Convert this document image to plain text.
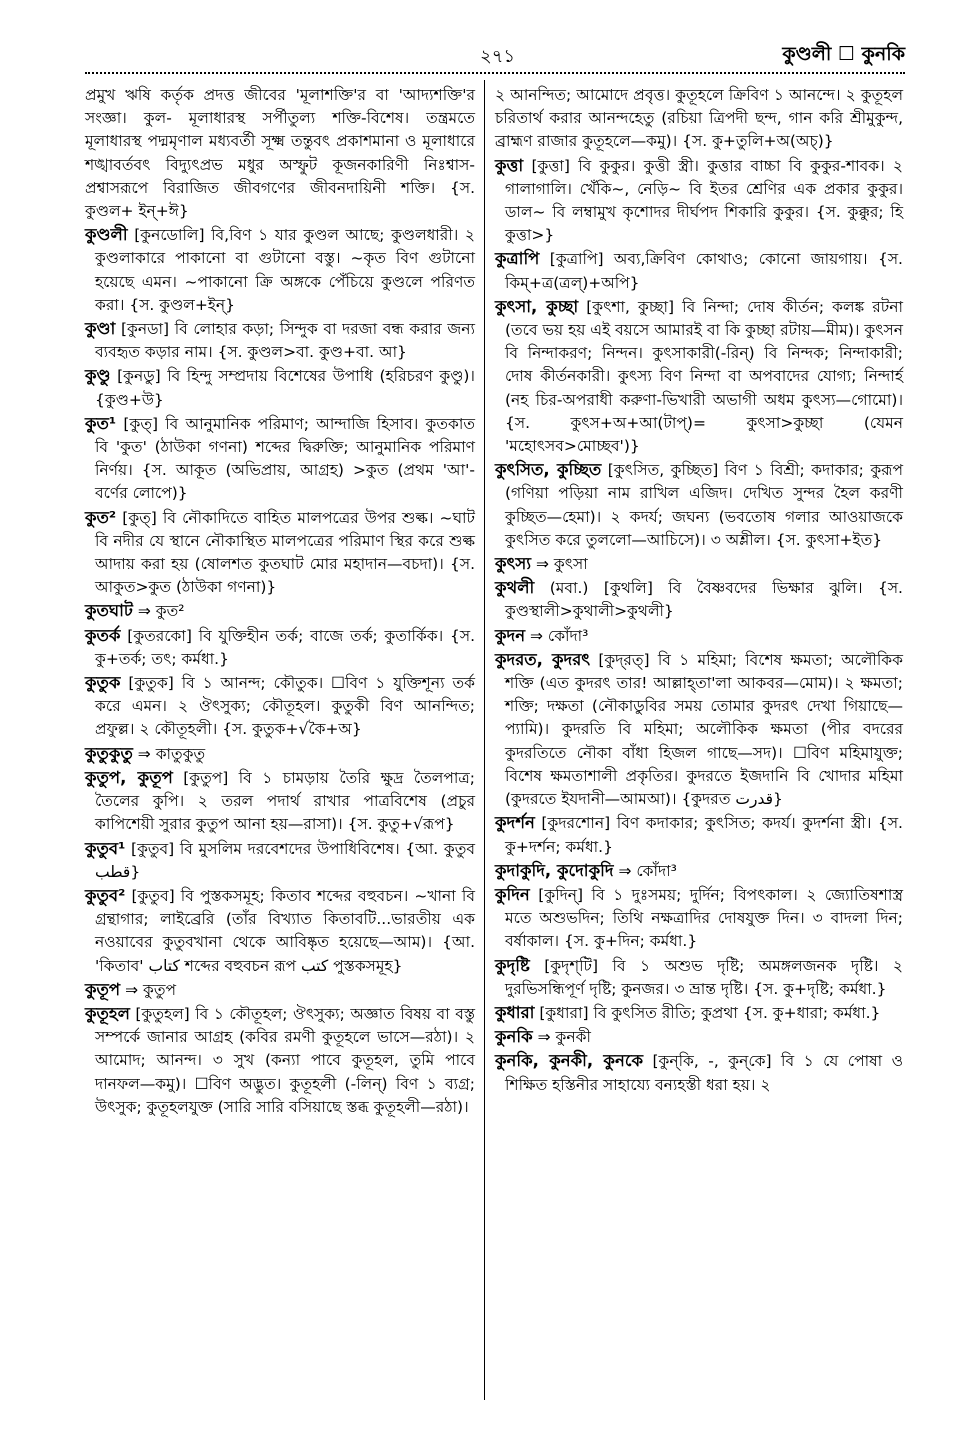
২৭১	কুণ্ডলী ☐ কুনকি

প্রমুখ ঋষি কর্তৃক প্রদত্ত জীবের 'মূলাশক্তি'র বা 'আদ্যশক্তি'র সংজ্ঞা। কুল- মূলাধারস্থ সর্পীতুল্য শক্তি-বিশেষ। তন্ত্রমতে মূলাধারস্থ পদ্মমৃণাল মধ্যবর্তী সূক্ষ্ম তন্তুবৎ প্রকাশমানা ও মূলাধারে শঙ্খাবর্তবৎ বিদ্যুৎপ্রভ মধুর অস্ফুট কূজনকারিণী নিঃশ্বাস-প্রশ্বাসরূপে বিরাজিত জীবগণের জীবনদায়িনী শক্তি। {স. কুণ্ডল+ ইন্+ঈ}

কুণ্ডলী [কুনডোলি] বি,বিণ ১ যার কুণ্ডল আছে; কুণ্ডলধারী। ২ কুণ্ডলাকারে পাকানো বা গুটানো বস্তু। ~কৃত বিণ গুটানো হয়েছে এমন। ~পাকানো ক্রি অঙ্গকে পেঁচিয়ে কুণ্ডলে পরিণত করা। {স. কুণ্ডল+ইন্}

কুণ্ডা [কুনডা] বি লোহার কড়া; সিন্দুক বা দরজা বন্ধ করার জন্য ব্যবহৃত কড়ার নাম। {স. কুণ্ডল>বা. কুণ্ড+বা. আ}

কুণ্ডু [কুনডু] বি হিন্দু সম্প্রদায় বিশেষের উপাধি (হরিচরণ কুণ্ডু)। {কুণ্ড+উ}

কুত¹ [কুত্] বি আনুমানিক পরিমাণ; আন্দাজি হিসাব। কুতকাত বি 'কুত' (ঠাউকা গণনা) শব্দের দ্বিরুক্তি; আনুমানিক পরিমাণ নির্ণয়। {স. আকূত (অভিপ্রায়, আগ্রহ) >কুত (প্রথম 'আ'-বর্ণের লোপে)}

কুত² [কুত্] বি নৌকাদিতে বাহিত মালপত্রের উপর শুল্ক। ~ঘাট বি নদীর যে স্থানে নৌকাস্থিত মালপত্রের পরিমাণ স্থির করে শুল্ক আদায় করা হয় (ষোলশত কুতঘাট মোর মহাদান—বচদা)। {স. আকুত>কুত (ঠাউকা গণনা)}

কুতঘাট ⇒ কুত²

কুতর্ক [কুতরকো] বি যুক্তিহীন তর্ক; বাজে তর্ক; কুতার্কিক। {স. কু+তর্ক; তৎ; কর্মধা.}

কুতুক [কুতুক] বি ১ আনন্দ; কৌতুক। ☐বিণ ১ যুক্তিশূন্য তর্ক করে এমন। ২ ঔৎসুক্য; কৌতূহল। কুতুকী বিণ আনন্দিত; প্রফুল্ল। ২ কৌতূহলী। {স. কুতুক+√কৈ+অ}

কুতুকুতু ⇒ কাতুকুতু

কুতুপ, কুতূপ [কুতুপ] বি ১ চামড়ায় তৈরি ক্ষুদ্র তৈলপাত্র; তৈলের কুপি। ২ তরল পদার্থ রাখার পাত্রবিশেষ (প্রচুর কাপিশেয়ী সুরার কুতুপ আনা হয়—রাসা)। {স. কুতু+√রূপ}

কুতুব¹ [কুতুব] বি মুসলিম দরবেশদের উপাধিবিশেষ। {আ. কুতুব قطب}

কুতুব² [কুতুব] বি পুস্তকসমূহ; কিতাব শব্দের বহুবচন। ~খানা বি গ্রন্থাগার; লাইব্রেরি (তাঁর বিখ্যাত কিতাবটি...ভারতীয় এক নওয়াবের কুতুবখানা থেকে আবিষ্কৃত হয়েছে—আম)। {আ. 'কিতাব' كتاب শব্দের বহুবচন রূপ كتب পুস্তকসমূহ}

কুতূপ ⇒ কুতুপ

কুতূহল [কুতুহল] বি ১ কৌতূহল; ঔৎসুক্য; অজ্ঞাত বিষয় বা বস্তু সম্পর্কে জানার আগ্রহ (কবির রমণী কুতূহলে ভাসে—রঠা)। ২ আমোদ; আনন্দ। ৩ সুখ (কন্যা পাবে কুতূহল, তুমি পাবে দানফল—কমু)। ☐বিণ অদ্ভুত। কুতূহলী (-লিন্) বিণ ১ ব্যগ্র; উৎসুক; কুতূহলযুক্ত (সারি সারি বসিয়াছে স্তব্ধ কুতূহলী—রঠা)।

২ আনন্দিত; আমোদে প্রবৃত্ত। কুতূহলে ক্রিবিণ ১ আনন্দে। ২ কুতূহল চরিতার্থ করার আনন্দহেতু (রচিয়া ত্রিপদী ছন্দ, গান করি শ্রীমুকুন্দ, ব্রাহ্মণ রাজার কুতূহলে—কমু)। {স. কু+তুলি+অ(অচ্)}

কুত্তা [কুত্তা] বি কুকুর। কুত্তী স্ত্রী। কুত্তার বাচ্চা বি কুকুর-শাবক। ২ গালাগালি। খেঁকি~, নেড়ি~ বি ইতর শ্রেণির এক প্রকার কুকুর। ডাল~ বি লম্বামুখ কৃশোদর দীর্ঘপদ শিকারি কুকুর। {স. কুক্কুর; হি কুত্তা>}

কুত্রাপি [কুত্রাপি] অব্য,ক্রিবিণ কোথাও; কোনো জায়গায়। {স. কিম্+ত্র(ত্রল্)+অপি}

কুৎসা, কুচ্ছা [কুৎশা, কুচ্ছা] বি নিন্দা; দোষ কীর্তন; কলঙ্ক রটনা (তবে ভয় হয় এই বয়সে আমারই বা কি কুচ্ছা রটায়—মীম)। কুৎসন বি নিন্দাকরণ; নিন্দন। কুৎসাকারী(-রিন্) বি নিন্দক; নিন্দাকারী; দোষ কীর্তনকারী। কুৎস্য বিণ নিন্দা বা অপবাদের যোগ্য; নিন্দার্হ (নহ চির-অপরাধী করুণা-ভিখারী অভাগী অধম কুৎস্য—গোমো)। {স. কুৎস+অ+আ(টাপ্)= কুৎসা>কুচ্ছা (যেমন 'মহোৎসব>মোচ্ছব')}

কুৎসিত, কুচ্ছিত [কুৎসিত, কুচ্ছিত] বিণ ১ বিশ্রী; কদাকার; কুরূপ (গণিয়া পড়িয়া নাম রাখিল এজিদ। দেখিত সুন্দর হৈল করণী কুচ্ছিত—হেমা)। ২ কদর্য; জঘন্য (ভবতোষ গলার আওয়াজকে কুৎসিত করে তুললো—আচিসে)। ৩ অশ্লীল। {স. কুৎসা+ইত}

কুৎস্য ⇒ কুৎসা

কুথলী (মবা.) [কুথলি] বি বৈষ্ণবদের ভিক্ষার ঝুলি। {স. কুণ্ডস্থালী>কুথালী>কুথলী}

কুদন ⇒ কোঁদা³

কুদরত, কুদরৎ [কুদ্‌রত্] বি ১ মহিমা; বিশেষ ক্ষমতা; অলৌকিক শক্তি (এত কুদরৎ তার! আল্লাহ্‌তা'লা আকবর—মোম)। ২ ক্ষমতা; শক্তি; দক্ষতা (নৌকাডুবির সময় তোমার কুদরৎ দেখা গিয়াছে—প্যামি)। কুদরতি বি মহিমা; অলৌকিক ক্ষমতা (পীর বদরের কুদরতিতে নৌকা বাঁধা হিজল গাছে—সদ)। ☐বিণ মহিমাযুক্ত; বিশেষ ক্ষমতাশালী প্রকৃতির। কুদরতে ইজদানি বি খোদার মহিমা (কুদরতে ইযদানী—আমআ)। {কুদরত قدرت}

কুদর্শন [কুদরশোন] বিণ কদাকার; কুৎসিত; কদর্য। কুদর্শনা স্ত্রী। {স. কু+দর্শন; কর্মধা.}

কুদাকুদি, কুদোকুদি ⇒ কোঁদা³

কুদিন [কুদিন্] বি ১ দুঃসময়; দুর্দিন; বিপৎকাল। ২ জ্যোতিষশাস্ত্র মতে অশুভদিন; তিথি নক্ষত্রাদির দোষযুক্ত দিন। ৩ বাদলা দিন; বর্ষাকাল। {স. কু+দিন; কর্মধা.}

কুদৃষ্টি [কুদৃশ্‌টি] বি ১ অশুভ দৃষ্টি; অমঙ্গলজনক দৃষ্টি। ২ দুরভিসন্ধিপূর্ণ দৃষ্টি; কুনজর। ৩ ভ্রান্ত দৃষ্টি। {স. কু+দৃষ্টি; কর্মধা.}

কুধারা [কুধারা] বি কুৎসিত রীতি; কুপ্রথা {স. কু+ধারা; কর্মধা.}

কুনকি ⇒ কুনকী

কুনকি, কুনকী, কুনকে [কুন্‌কি, -, কুন্‌কে] বি ১ যে পোষা ও শিক্ষিত হস্তিনীর সাহায্যে বন্যহস্তী ধরা হয়। ২
